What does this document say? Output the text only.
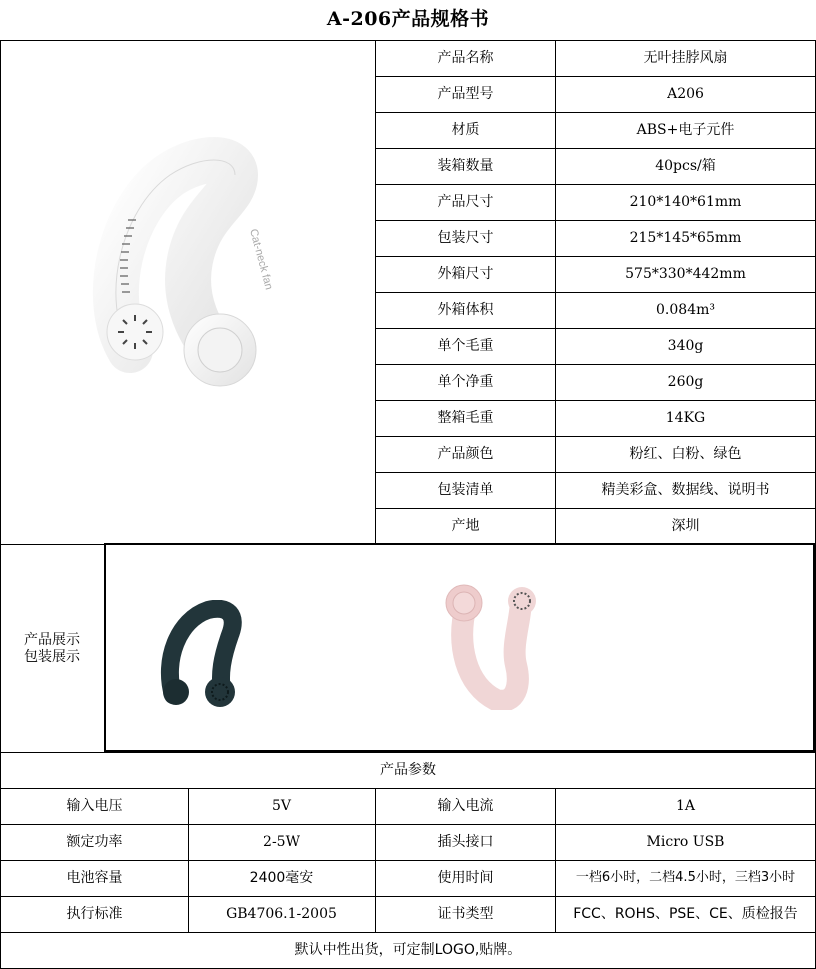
A-206产品规格书
产品名称	无叶挂脖风扇
产品型号	A206
材质	ABS+电子元件
装箱数量	40pcs/箱
产品尺寸	210*140*61mm
包装尺寸	215*145*65mm
外箱尺寸	575*330*442mm
外箱体积	0.084m³
单个毛重	340g
单个净重	260g
整箱毛重	14KG
产品颜色	粉红、白粉、绿色
包装清单	精美彩盒、数据线、说明书
产地	深圳
Cat-neck fan
产品展示
包装展示
产品参数
输入电压	5V	输入电流	1A
额定功率	2-5W	插头接口	Micro USB
电池容量	2400毫安	使用时间	一档6小时，二档4.5小时，三档3小时
执行标准	GB4706.1-2005	证书类型	FCC、ROHS、PSE、CE、质检报告
默认中性出货，可定制LOGO,贴牌。
